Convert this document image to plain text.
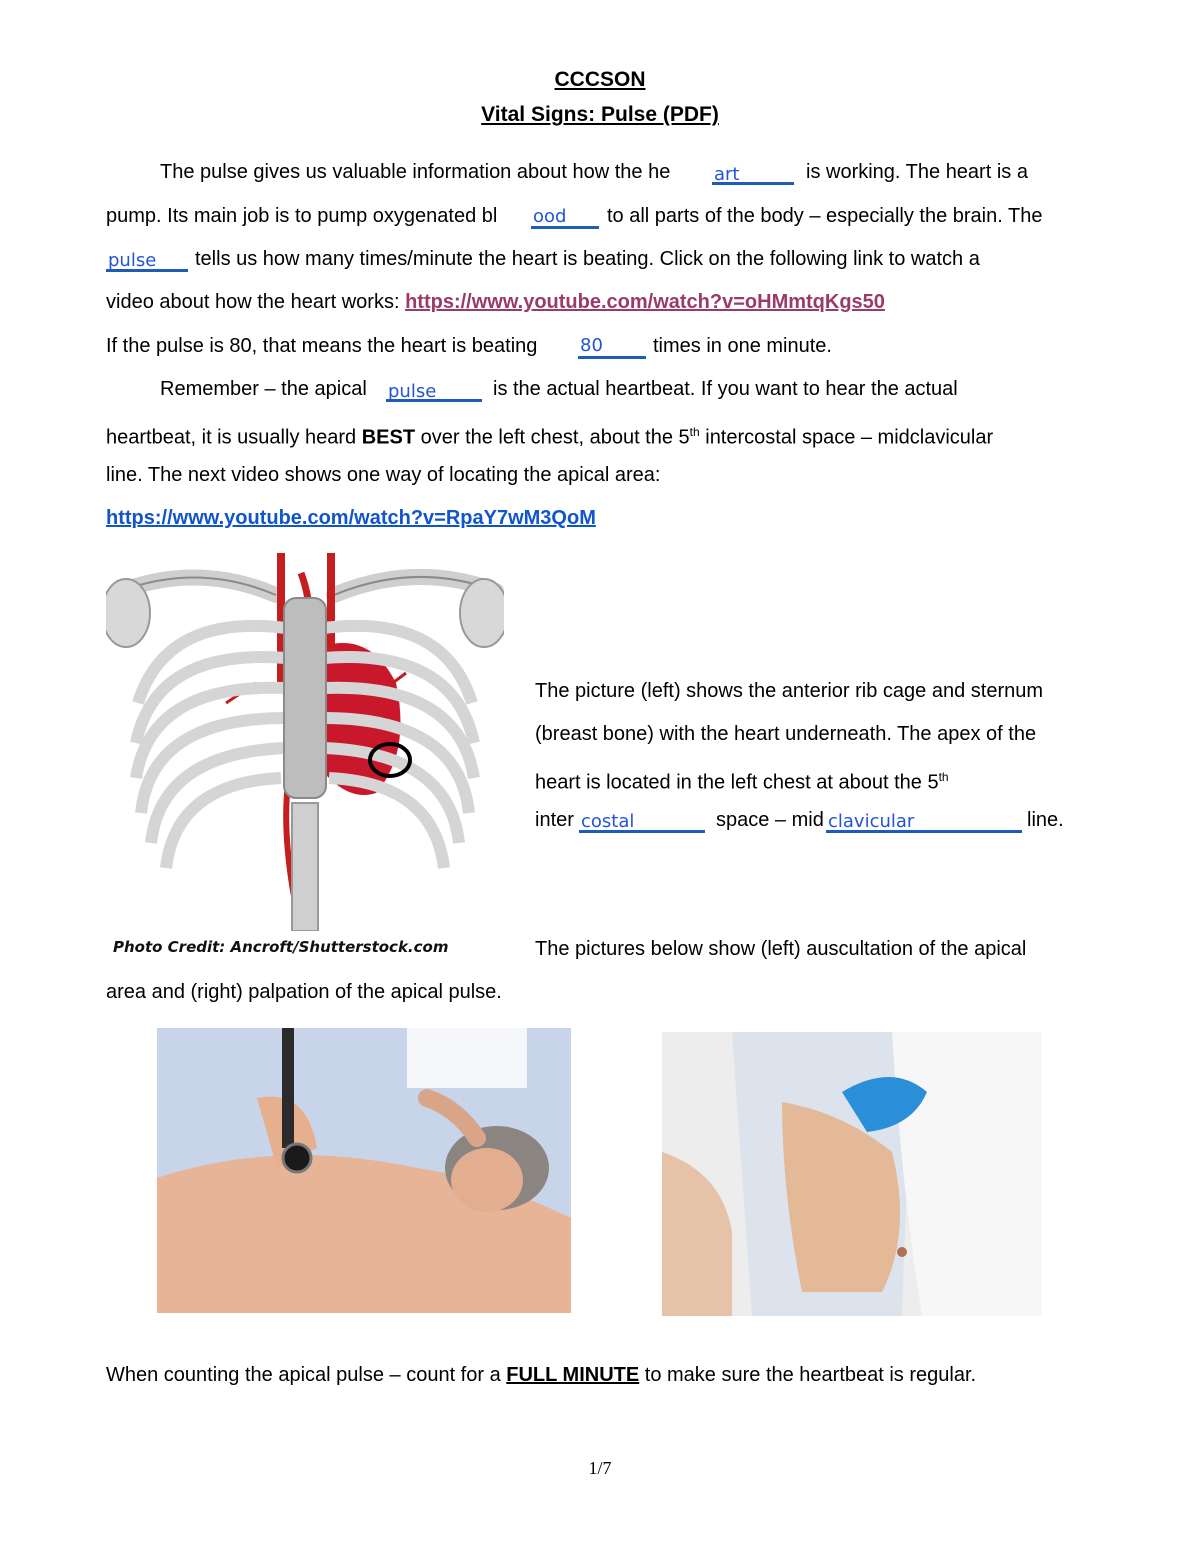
CCCSON
Vital Signs: Pulse (PDF)
The pulse gives us valuable information about how the he art	is working. The heart is a
pump. Its main job is to pump oxygenated bl ood to all parts of the body – especially the brain. The
pulse tells us how many times/minute the heart is beating. Click on the following link to watch a
video about how the heart works: https://www.youtube.com/watch?v=oHMmtqKgs50
If the pulse is 80, that means the heart is beating 80	times in one minute.
Remember – the apical pulse	is the actual heartbeat. If you want to hear the actual
heartbeat, it is usually heard BEST over the left chest, about the 5th intercostal space – midclavicular
line. The next video shows one way of locating the apical area:
https://www.youtube.com/watch?v=RpaY7wM3QoM
Photo Credit: Ancroft/Shutterstock.com
The picture (left) shows the anterior rib cage and sternum
(breast bone) with the heart underneath. The apex of the
heart is located in the left chest at about the 5th
inter costal	space – mid clavicular	line.
The pictures below show (left) auscultation of the apical
area and (right) palpation of the apical pulse.
When counting the apical pulse – count for a FULL MINUTE to make sure the heartbeat is regular.
1/7
